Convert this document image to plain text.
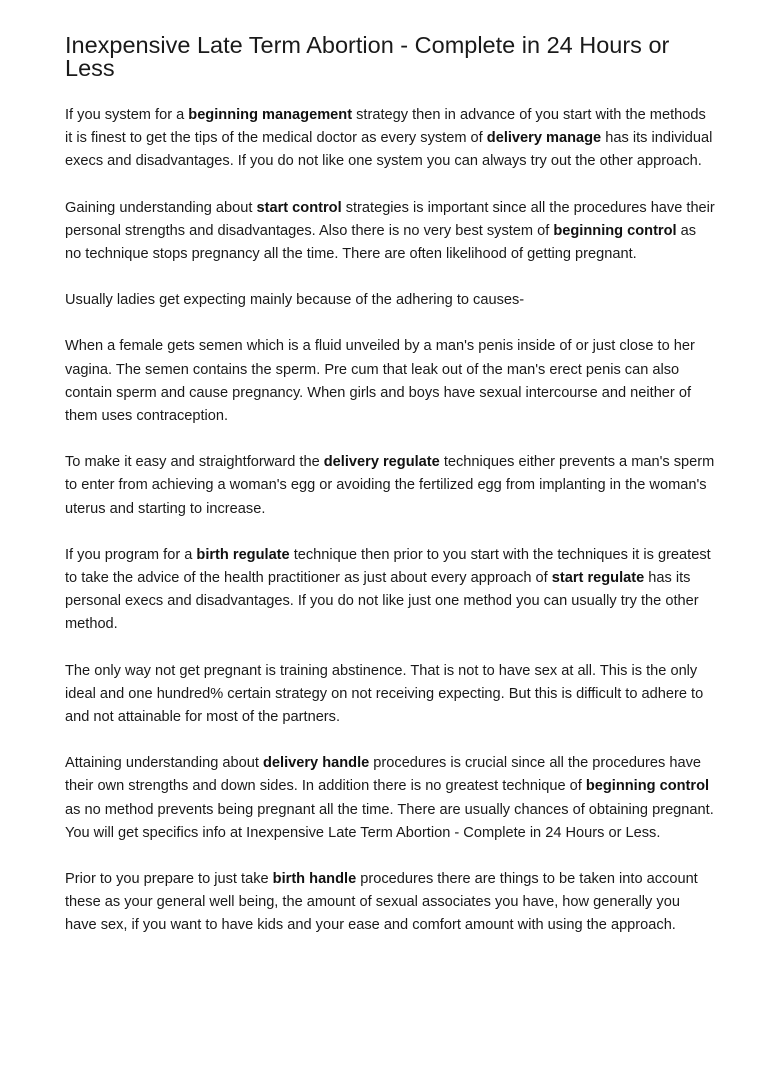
Inexpensive Late Term Abortion - Complete in 24 Hours or Less

If you system for a beginning management strategy then in advance of you start with the methods it is finest to get the tips of the medical doctor as every system of delivery manage has its individual execs and disadvantages. If you do not like one system you can always try out the other approach.

Gaining understanding about start control strategies is important since all the procedures have their personal strengths and disadvantages. Also there is no very best system of beginning control as no technique stops pregnancy all the time. There are often likelihood of getting pregnant.

Usually ladies get expecting mainly because of the adhering to causes-

When a female gets semen which is a fluid unveiled by a man's penis inside of or just close to her vagina. The semen contains the sperm. Pre cum that leak out of the man's erect penis can also contain sperm and cause pregnancy. When girls and boys have sexual intercourse and neither of them uses contraception.

To make it easy and straightforward the delivery regulate techniques either prevents a man's sperm to enter from achieving a woman's egg or avoiding the fertilized egg from implanting in the woman's uterus and starting to increase.

If you program for a birth regulate technique then prior to you start with the techniques it is greatest to take the advice of the health practitioner as just about every approach of start regulate has its personal execs and disadvantages. If you do not like just one method you can usually try the other method.

The only way not get pregnant is training abstinence. That is not to have sex at all. This is the only ideal and one hundred% certain strategy on not receiving expecting. But this is difficult to adhere to and not attainable for most of the partners.

Attaining understanding about delivery handle procedures is crucial since all the procedures have their own strengths and down sides. In addition there is no greatest technique of beginning control as no method prevents being pregnant all the time. There are usually chances of obtaining pregnant. You will get specifics info at Inexpensive Late Term Abortion - Complete in 24 Hours or Less.

Prior to you prepare to just take birth handle procedures there are things to be taken into account these as your general well being, the amount of sexual associates you have, how generally you have sex, if you want to have kids and your ease and comfort amount with using the approach.
